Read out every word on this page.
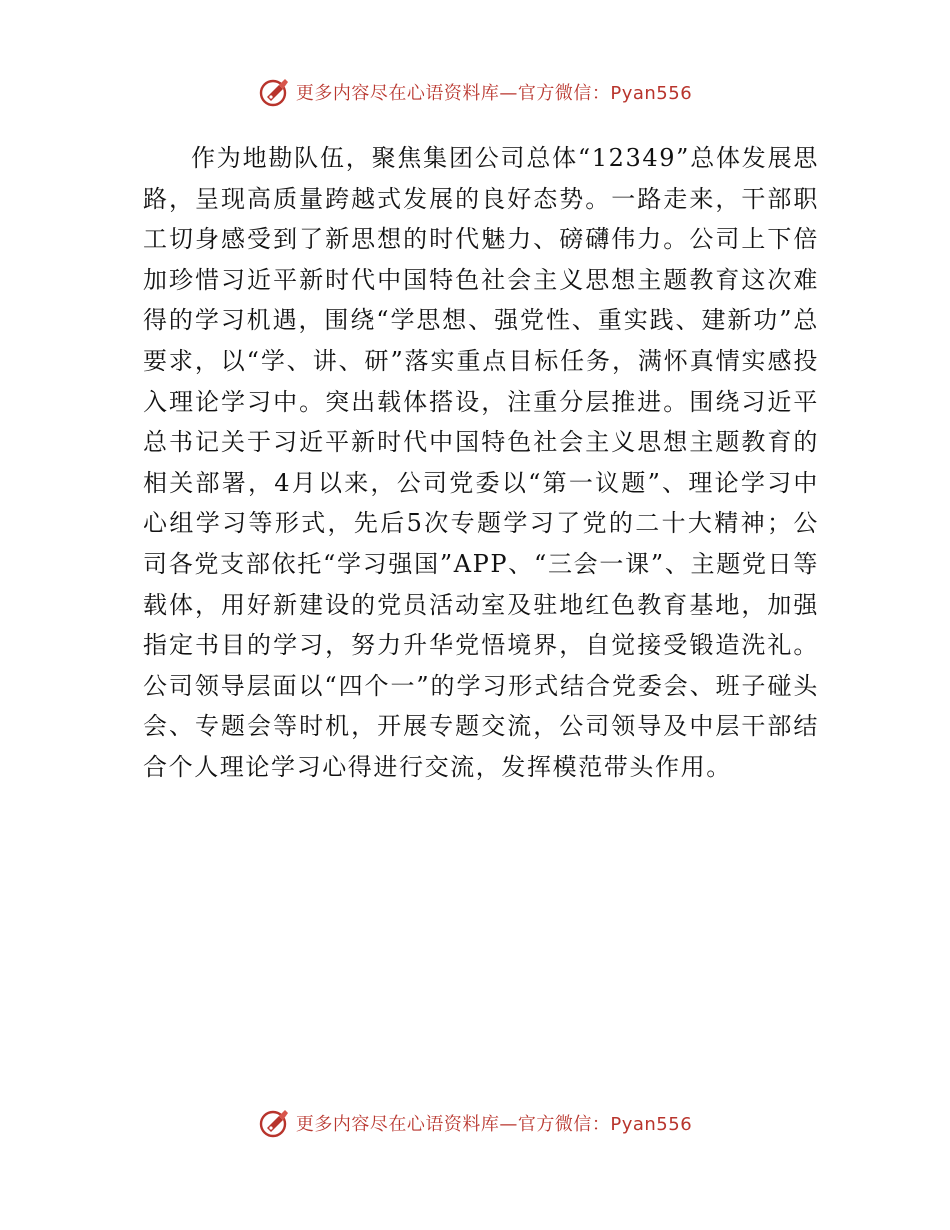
更多内容尽在心语资料库—官方微信：Pyan556

作为地勘队伍，聚焦集团公司总体“12349”总体发展思路，呈现高质量跨越式发展的良好态势。一路走来，干部职工切身感受到了新思想的时代魅力、磅礴伟力。公司上下倍加珍惜习近平新时代中国特色社会主义思想主题教育这次难得的学习机遇，围绕“学思想、强党性、重实践、建新功”总要求，以“学、讲、研”落实重点目标任务，满怀真情实感投入理论学习中。突出载体搭设，注重分层推进。围绕习近平总书记关于习近平新时代中国特色社会主义思想主题教育的相关部署，4月以来，公司党委以“第一议题”、理论学习中心组学习等形式，先后5次专题学习了党的二十大精神；公司各党支部依托“学习强国”APP、“三会一课”、主题党日等载体，用好新建设的党员活动室及驻地红色教育基地，加强指定书目的学习，努力升华党悟境界，自觉接受锻造洗礼。公司领导层面以“四个一”的学习形式结合党委会、班子碰头会、专题会等时机，开展专题交流，公司领导及中层干部结合个人理论学习心得进行交流，发挥模范带头作用。

更多内容尽在心语资料库—官方微信：Pyan556
